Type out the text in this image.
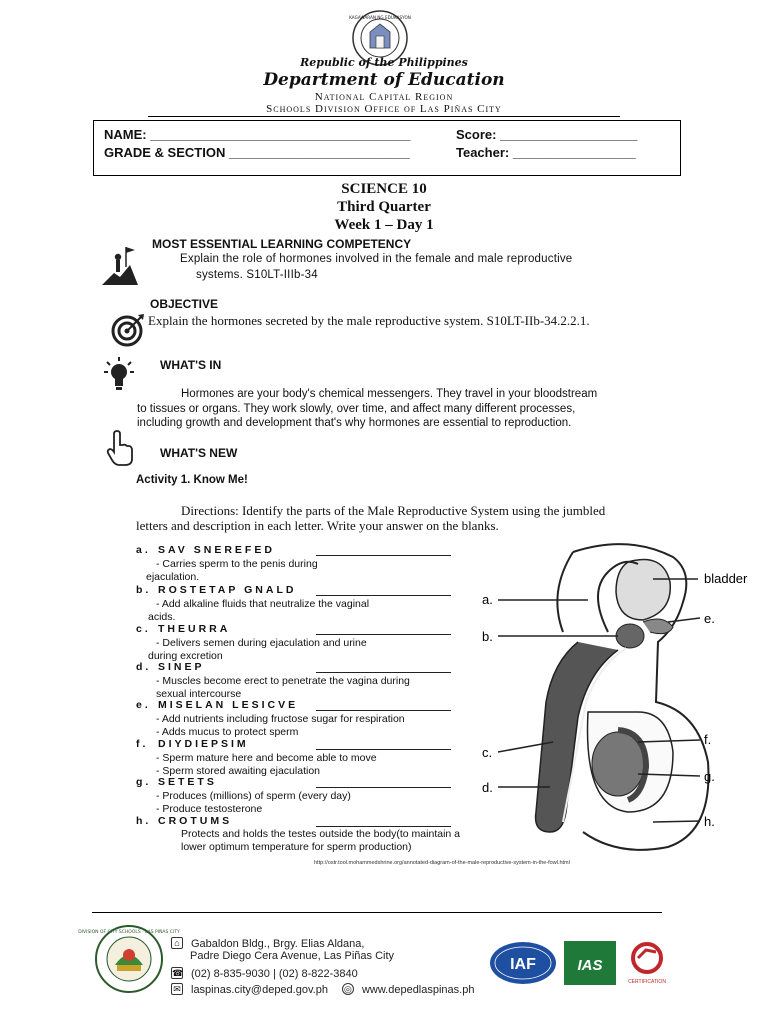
KAGAWARAN NG EDUKASYON
Republic of the Philippines
Department of Education
National Capital Region
Schools Division Office of Las Piñas City
NAME: ____________________________________
GRADE & SECTION _________________________
Score: ___________________
Teacher: _________________
SCIENCE 10
Third Quarter
Week 1 – Day 1
MOST ESSENTIAL LEARNING COMPETENCY
Explain the role of hormones involved in the female and male reproductive
systems. S10LT-IIIb-34
OBJECTIVE
Explain the hormones secreted by the male reproductive system. S10LT-IIb-34.2.2.1.
WHAT'S IN
Hormones are your body's chemical messengers. They travel in your bloodstream
to tissues or organs. They work slowly, over time, and affect many different processes,
including growth and development that's why hormones are essential to reproduction.
WHAT'S NEW
Activity 1. Know Me!
Directions: Identify the parts of the Male Reproductive System using the jumbled
letters and description in each letter. Write your answer on the blanks.
a. SAV SNEREFED
- Carries sperm to the penis during
ejaculation.
b. ROSTETAP GNALD
- Add alkaline fluids that neutralize the vaginal
acids.
c. THEURRA
- Delivers semen during ejaculation and urine
during excretion
d. SINEP
- Muscles become erect to penetrate the vagina during
sexual intercourse
e. MISELAN LESICVE
- Add nutrients including fructose sugar for respiration
- Adds mucus to protect sperm
f. DIYDIEPSIM
- Sperm mature here and become able to move
- Sperm stored awaiting ejaculation
g. SETETS
- Produces (millions) of sperm (every day)
- Produce testosterone
h. CROTUMS
Protects and holds the testes outside the body(to maintain a
lower optimum temperature for sperm production)
bladder
a.
b.
c.
d.
e.
f.
g.
h.
http://ostr.tool.mohammedshrine.org/annotated-diagram-of-the-male-reproductive-system-in-the-fowl.html
DIVISION OF CITY SCHOOLS · LAS PIÑAS CITY
⌂ Gabaldon Bldg., Brgy. Elias Aldana,
Padre Diego Cera Avenue, Las Piñas City
☎ (02) 8-835-9030 | (02) 8-822-3840
✉ laspinas.city@deped.gov.ph ◎ www.depedlaspinas.ph
IAF	IAS
CERTIFICATION
